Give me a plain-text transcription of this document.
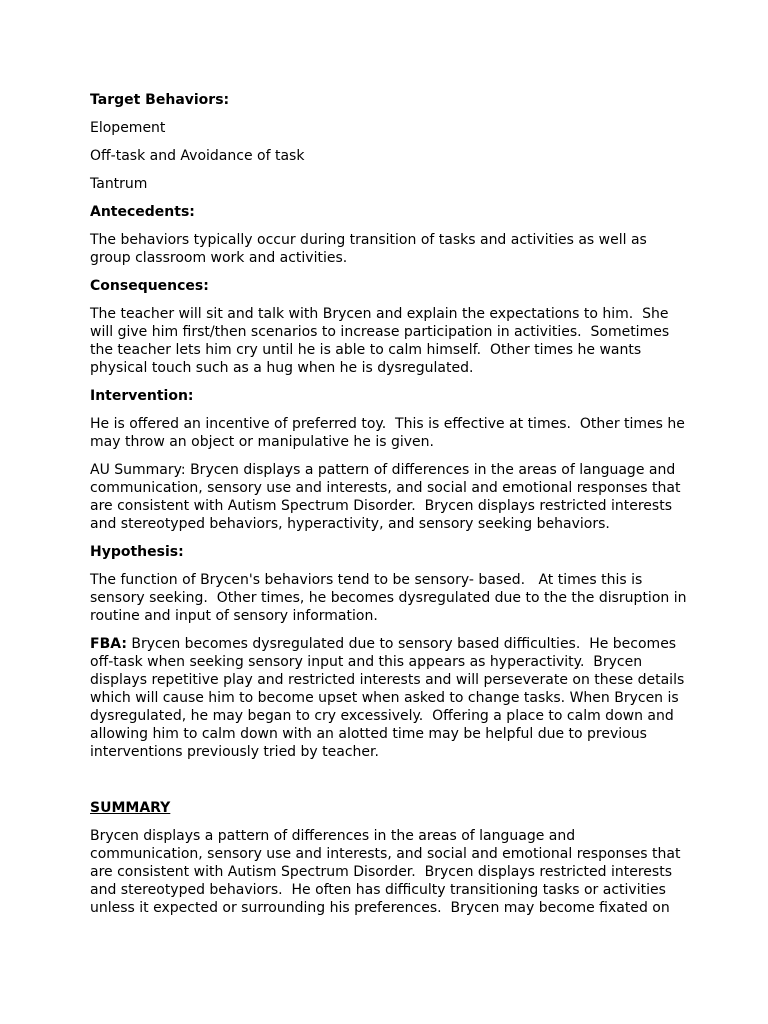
Target Behaviors:

Elopement

Off-task and Avoidance of task

Tantrum

Antecedents:

The behaviors typically occur during transition of tasks and activities as well as group classroom work and activities.

Consequences:

The teacher will sit and talk with Brycen and explain the expectations to him.  She will give him first/then scenarios to increase participation in activities.  Sometimes the teacher lets him cry until he is able to calm himself.  Other times he wants physical touch such as a hug when he is dysregulated.

Intervention:

He is offered an incentive of preferred toy.  This is effective at times.  Other times he may throw an object or manipulative he is given.

AU Summary: Brycen displays a pattern of differences in the areas of language and communication, sensory use and interests, and social and emotional responses that are consistent with Autism Spectrum Disorder.  Brycen displays restricted interests and stereotyped behaviors, hyperactivity, and sensory seeking behaviors.

Hypothesis:

The function of Brycen's behaviors tend to be sensory- based.   At times this is sensory seeking.  Other times, he becomes dysregulated due to the the disruption in routine and input of sensory information.

FBA: Brycen becomes dysregulated due to sensory based difficulties.  He becomes off-task when seeking sensory input and this appears as hyperactivity.  Brycen displays repetitive play and restricted interests and will perseverate on these details which will cause him to become upset when asked to change tasks. When Brycen is dysregulated, he may began to cry excessively.  Offering a place to calm down and allowing him to calm down with an alotted time may be helpful due to previous interventions previously tried by teacher.

SUMMARY

Brycen displays a pattern of differences in the areas of language and communication, sensory use and interests, and social and emotional responses that are consistent with Autism Spectrum Disorder.  Brycen displays restricted interests and stereotyped behaviors.  He often has difficulty transitioning tasks or activities unless it expected or surrounding his preferences.  Brycen may become fixated on
